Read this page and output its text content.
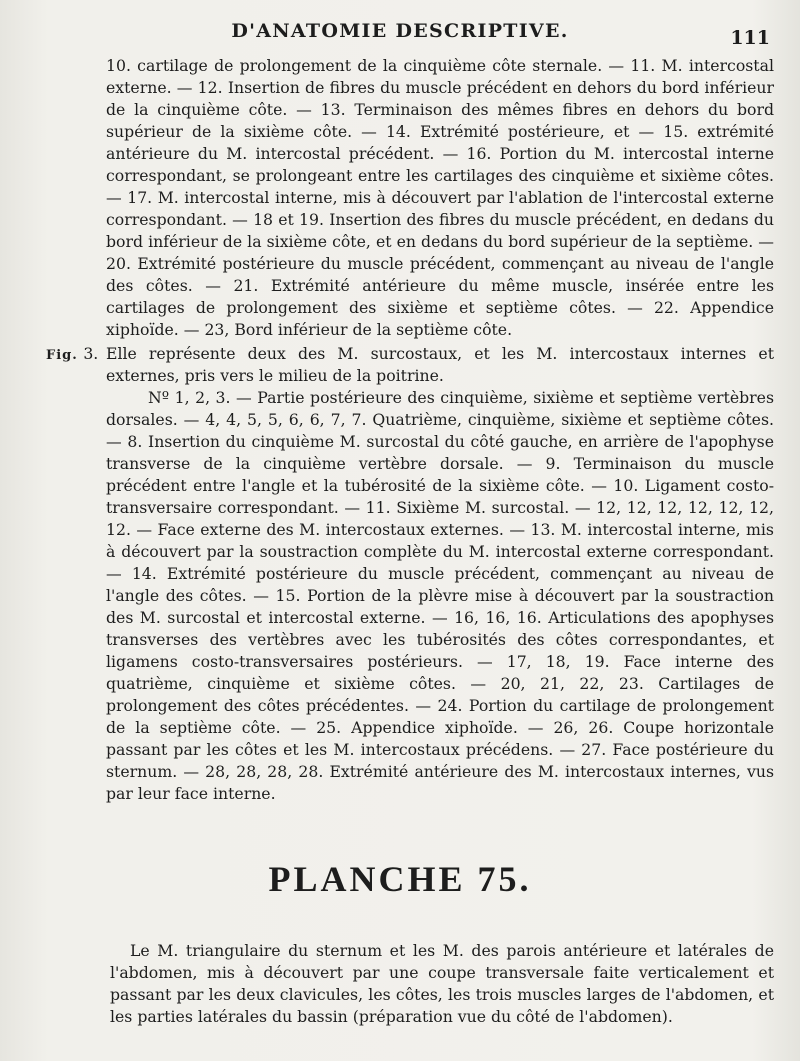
D'ANATOMIE DESCRIPTIVE.	111

10. cartilage de prolongement de la cinquième côte sternale. — 11. M. intercostal externe. — 12. Insertion de fibres du muscle précédent en dehors du bord inférieur de la cinquième côte. — 13. Terminaison des mêmes fibres en dehors du bord supérieur de la sixième côte. — 14. Extrémité postérieure, et — 15. extrémité antérieure du M. intercostal précédent. — 16. Portion du M. intercostal interne correspondant, se prolongeant entre les cartilages des cinquième et sixième côtes. — 17. M. intercostal interne, mis à découvert par l'ablation de l'intercostal externe correspondant. — 18 et 19. Insertion des fibres du muscle précédent, en dedans du bord inférieur de la sixième côte, et en dedans du bord supérieur de la septième. — 20. Extrémité postérieure du muscle précédent, commençant au niveau de l'angle des côtes. — 21. Extrémité antérieure du même muscle, insérée entre les cartilages de prolongement des sixième et septième côtes. — 22. Appendice xiphoïde. — 23, Bord inférieur de la septième côte.

Fig. 3. Elle représente deux des M. surcostaux, et les M. intercostaux internes et externes, pris vers le milieu de la poitrine.

Nº 1, 2, 3. — Partie postérieure des cinquième, sixième et septième vertèbres dorsales. — 4, 4, 5, 5, 6, 6, 7, 7. Quatrième, cinquième, sixième et septième côtes. — 8. Insertion du cinquième M. surcostal du côté gauche, en arrière de l'apophyse transverse de la cinquième vertèbre dorsale. — 9. Terminaison du muscle précédent entre l'angle et la tubérosité de la sixième côte. — 10. Ligament costo-transversaire correspondant. — 11. Sixième M. surcostal. — 12, 12, 12, 12, 12, 12, 12. — Face externe des M. intercostaux externes. — 13. M. intercostal interne, mis à découvert par la soustraction complète du M. intercostal externe correspondant. — 14. Extrémité postérieure du muscle précédent, commençant au niveau de l'angle des côtes. — 15. Portion de la plèvre mise à découvert par la soustraction des M. surcostal et intercostal externe. — 16, 16, 16. Articulations des apophyses transverses des vertèbres avec les tubérosités des côtes correspondantes, et ligamens costo-transversaires postérieurs. — 17, 18, 19. Face interne des quatrième, cinquième et sixième côtes. — 20, 21, 22, 23. Cartilages de prolongement des côtes précédentes. — 24. Portion du cartilage de prolongement de la septième côte. — 25. Appendice xiphoïde. — 26, 26. Coupe horizontale passant par les côtes et les M. intercostaux précédens. — 27. Face postérieure du sternum. — 28, 28, 28, 28. Extrémité antérieure des M. intercostaux internes, vus par leur face interne.

PLANCHE 75.

Le M. triangulaire du sternum et les M. des parois antérieure et latérales de l'abdomen, mis à découvert par une coupe transversale faite verticalement et passant par les deux clavicules, les côtes, les trois muscles larges de l'abdomen, et les parties latérales du bassin (préparation vue du côté de l'abdomen).
